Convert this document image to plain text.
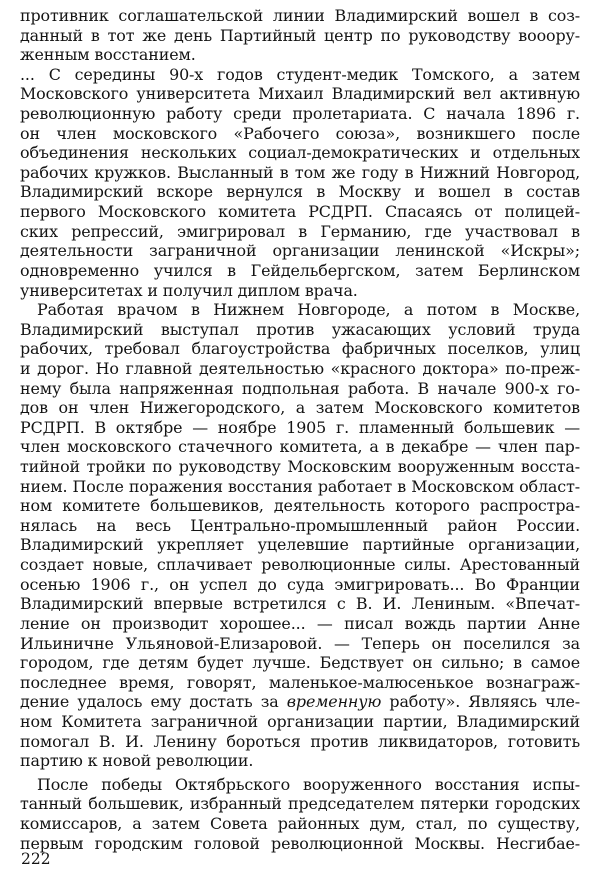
противник соглашательской линии Владимирский вошел в соз-
данный в тот же день Партийный центр по руководству вооору-
женным восстанием.
... С середины 90-х годов студент-медик Томского, а затем
Московского университета Михаил Владимирский вел активную
революционную работу среди пролетариата. С начала 1896 г.
он член московского «Рабочего союза», возникшего после
объединения нескольких социал-демократических и отдельных
рабочих кружков. Высланный в том же году в Нижний Новгород,
Владимирский вскоре вернулся в Москву и вошел в состав
первого Московского комитета РСДРП. Спасаясь от полицей-
ских репрессий, эмигрировал в Германию, где участвовал в
деятельности заграничной организации ленинской «Искры»;
одновременно учился в Гейдельбергском, затем Берлинском
университетах и получил диплом врача.
Работая врачом в Нижнем Новгороде, а потом в Москве,
Владимирский выступал против ужасающих условий труда
рабочих, требовал благоустройства фабричных поселков, улиц
и дорог. Но главной деятельностью «красного доктора» по-преж-
нему была напряженная подпольная работа. В начале 900-х го-
дов он член Нижегородского, а затем Московского комитетов
РСДРП. В октябре — ноябре 1905 г. пламенный большевик —
член московского стачечного комитета, а в декабре — член пар-
тийной тройки по руководству Московским вооруженным восста-
нием. После поражения восстания работает в Московском област-
ном комитете большевиков, деятельность которого распростра-
нялась на весь Центрально-промышленный район России.
Владимирский укрепляет уцелевшие партийные организации,
создает новые, сплачивает революционные силы. Арестованный
осенью 1906 г., он успел до суда эмигрировать... Во Франции
Владимирский впервые встретился с В. И. Лениным. «Впечат-
ление он производит хорошее... — писал вождь партии Анне
Ильиничне Ульяновой-Елизаровой. — Теперь он поселился за
городом, где детям будет лучше. Бедствует он сильно; в самое
последнее время, говорят, маленькое-малюсенькое вознаграж-
дение удалось ему достать за временную работу». Являясь чле-
ном Комитета заграничной организации партии, Владимирский
помогал В. И. Ленину бороться против ликвидаторов, готовить
партию к новой революции.
После победы Октябрьского вооруженного восстания испы-
танный большевик, избранный председателем пятерки городских
комиссаров, а затем Совета районных дум, стал, по существу,
первым городским головой революционной Москвы. Несгибае-
222
